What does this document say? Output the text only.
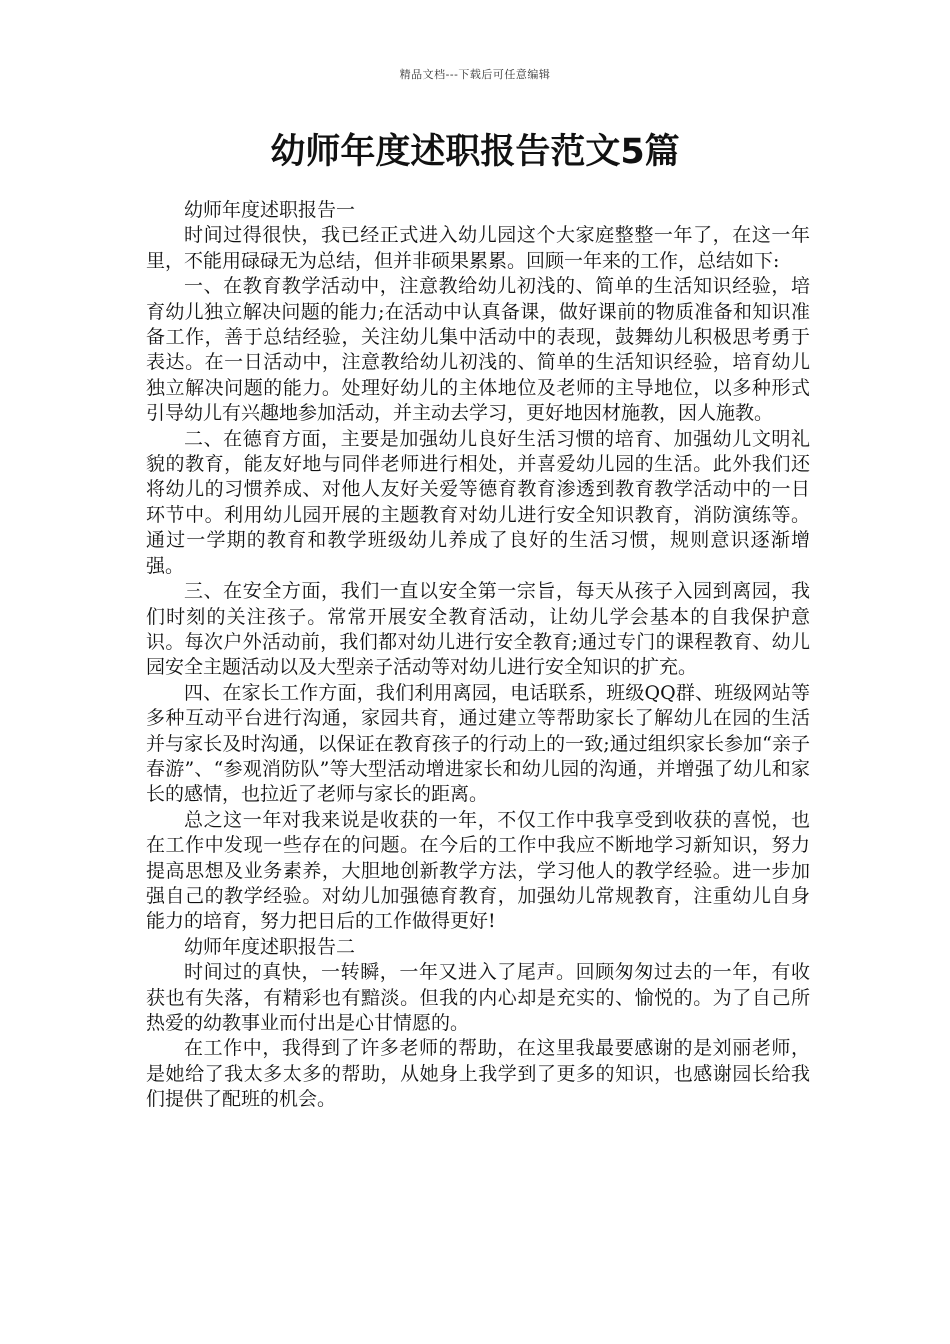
精品文档---下载后可任意编辑
幼师年度述职报告范文5篇

幼师年度述职报告一

时间过得很快，我已经正式进入幼儿园这个大家庭整整一年了，在这一年里，不能用碌碌无为总结，但并非硕果累累。回顾一年来的工作，总结如下:

一、在教育教学活动中，注意教给幼儿初浅的、简单的生活知识经验，培育幼儿独立解决问题的能力;在活动中认真备课，做好课前的物质准备和知识准备工作，善于总结经验，关注幼儿集中活动中的表现，鼓舞幼儿积极思考勇于表达。在一日活动中，注意教给幼儿初浅的、简单的生活知识经验，培育幼儿独立解决问题的能力。处理好幼儿的主体地位及老师的主导地位，以多种形式引导幼儿有兴趣地参加活动，并主动去学习，更好地因材施教，因人施教。

二、在德育方面，主要是加强幼儿良好生活习惯的培育、加强幼儿文明礼貌的教育，能友好地与同伴老师进行相处，并喜爱幼儿园的生活。此外我们还将幼儿的习惯养成、对他人友好关爱等德育教育渗透到教育教学活动中的一日环节中。利用幼儿园开展的主题教育对幼儿进行安全知识教育，消防演练等。通过一学期的教育和教学班级幼儿养成了良好的生活习惯，规则意识逐渐增强。

三、在安全方面，我们一直以安全第一宗旨，每天从孩子入园到离园，我们时刻的关注孩子。常常开展安全教育活动，让幼儿学会基本的自我保护意识。每次户外活动前，我们都对幼儿进行安全教育;通过专门的课程教育、幼儿园安全主题活动以及大型亲子活动等对幼儿进行安全知识的扩充。

四、在家长工作方面，我们利用离园，电话联系，班级QQ群、班级网站等多种互动平台进行沟通，家园共育，通过建立等帮助家长了解幼儿在园的生活并与家长及时沟通，以保证在教育孩子的行动上的一致;通过组织家长参加“亲子春游”、“参观消防队”等大型活动增进家长和幼儿园的沟通，并增强了幼儿和家长的感情，也拉近了老师与家长的距离。

总之这一年对我来说是收获的一年，不仅工作中我享受到收获的喜悦，也在工作中发现一些存在的问题。在今后的工作中我应不断地学习新知识，努力提高思想及业务素养，大胆地创新教学方法，学习他人的教学经验。进一步加强自己的教学经验。对幼儿加强德育教育，加强幼儿常规教育，注重幼儿自身能力的培育，努力把日后的工作做得更好!

幼师年度述职报告二

时间过的真快，一转瞬，一年又进入了尾声。回顾匆匆过去的一年，有收获也有失落，有精彩也有黯淡。但我的内心却是充实的、愉悦的。为了自己所热爱的幼教事业而付出是心甘情愿的。

在工作中，我得到了许多老师的帮助，在这里我最要感谢的是刘丽老师，是她给了我太多太多的帮助，从她身上我学到了更多的知识，也感谢园长给我们提供了配班的机会。
